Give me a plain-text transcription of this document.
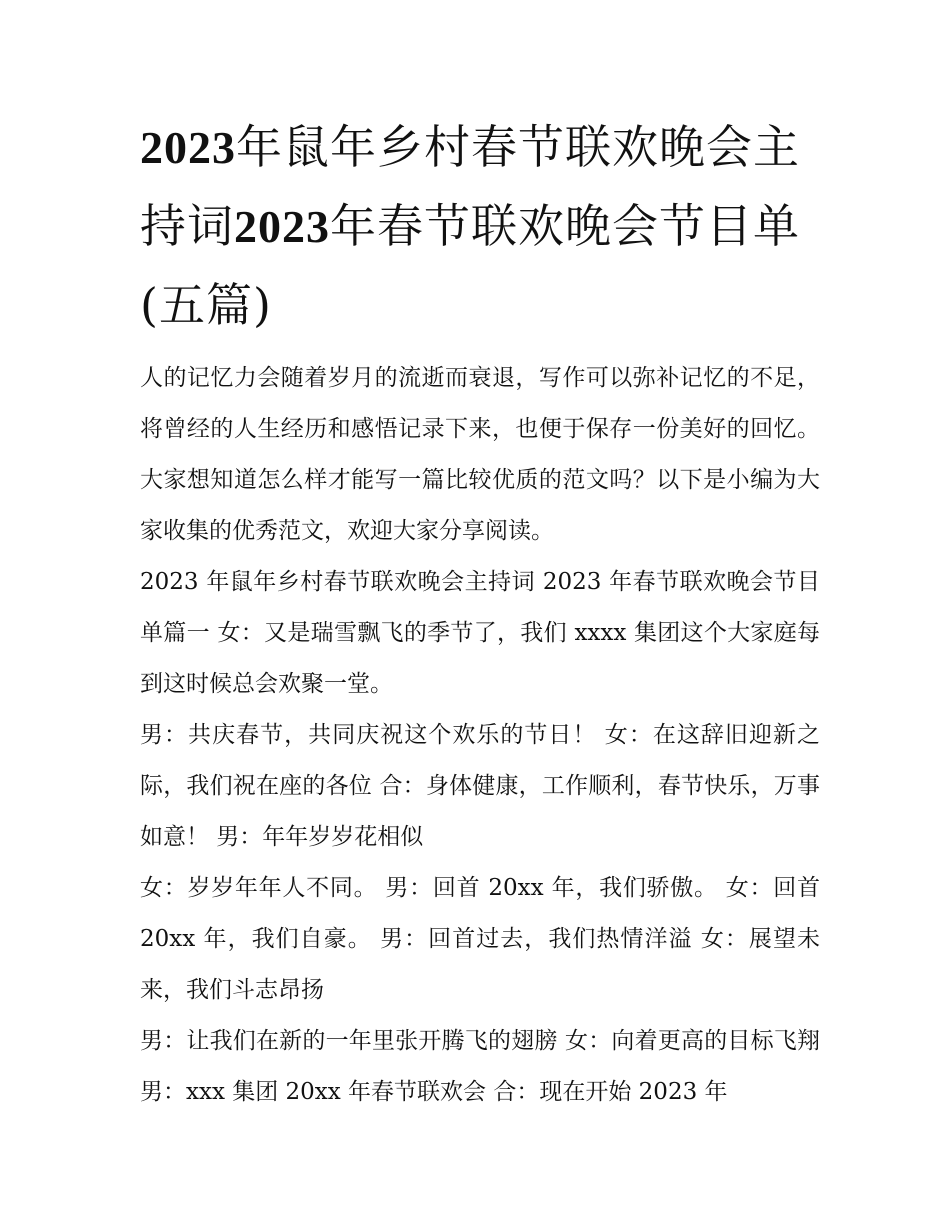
2023年鼠年乡村春节联欢晚会主持词2023年春节联欢晚会节目单(五篇)

人的记忆力会随着岁月的流逝而衰退，写作可以弥补记忆的不足，将曾经的人生经历和感悟记录下来，也便于保存一份美好的回忆。大家想知道怎么样才能写一篇比较优质的范文吗？以下是小编为大家收集的优秀范文，欢迎大家分享阅读。

2023 年鼠年乡村春节联欢晚会主持词 2023 年春节联欢晚会节目单篇一 女：又是瑞雪飘飞的季节了，我们 xxxx 集团这个大家庭每到这时候总会欢聚一堂。

男：共庆春节，共同庆祝这个欢乐的节日！ 女：在这辞旧迎新之际，我们祝在座的各位 合：身体健康，工作顺利，春节快乐，万事如意！ 男：年年岁岁花相似

女：岁岁年年人不同。 男：回首 20xx 年，我们骄傲。 女：回首 20xx 年，我们自豪。 男：回首过去，我们热情洋溢 女：展望未来，我们斗志昂扬

男：让我们在新的一年里张开腾飞的翅膀 女：向着更高的目标飞翔 男：xxx 集团 20xx 年春节联欢会 合：现在开始 2023 年
